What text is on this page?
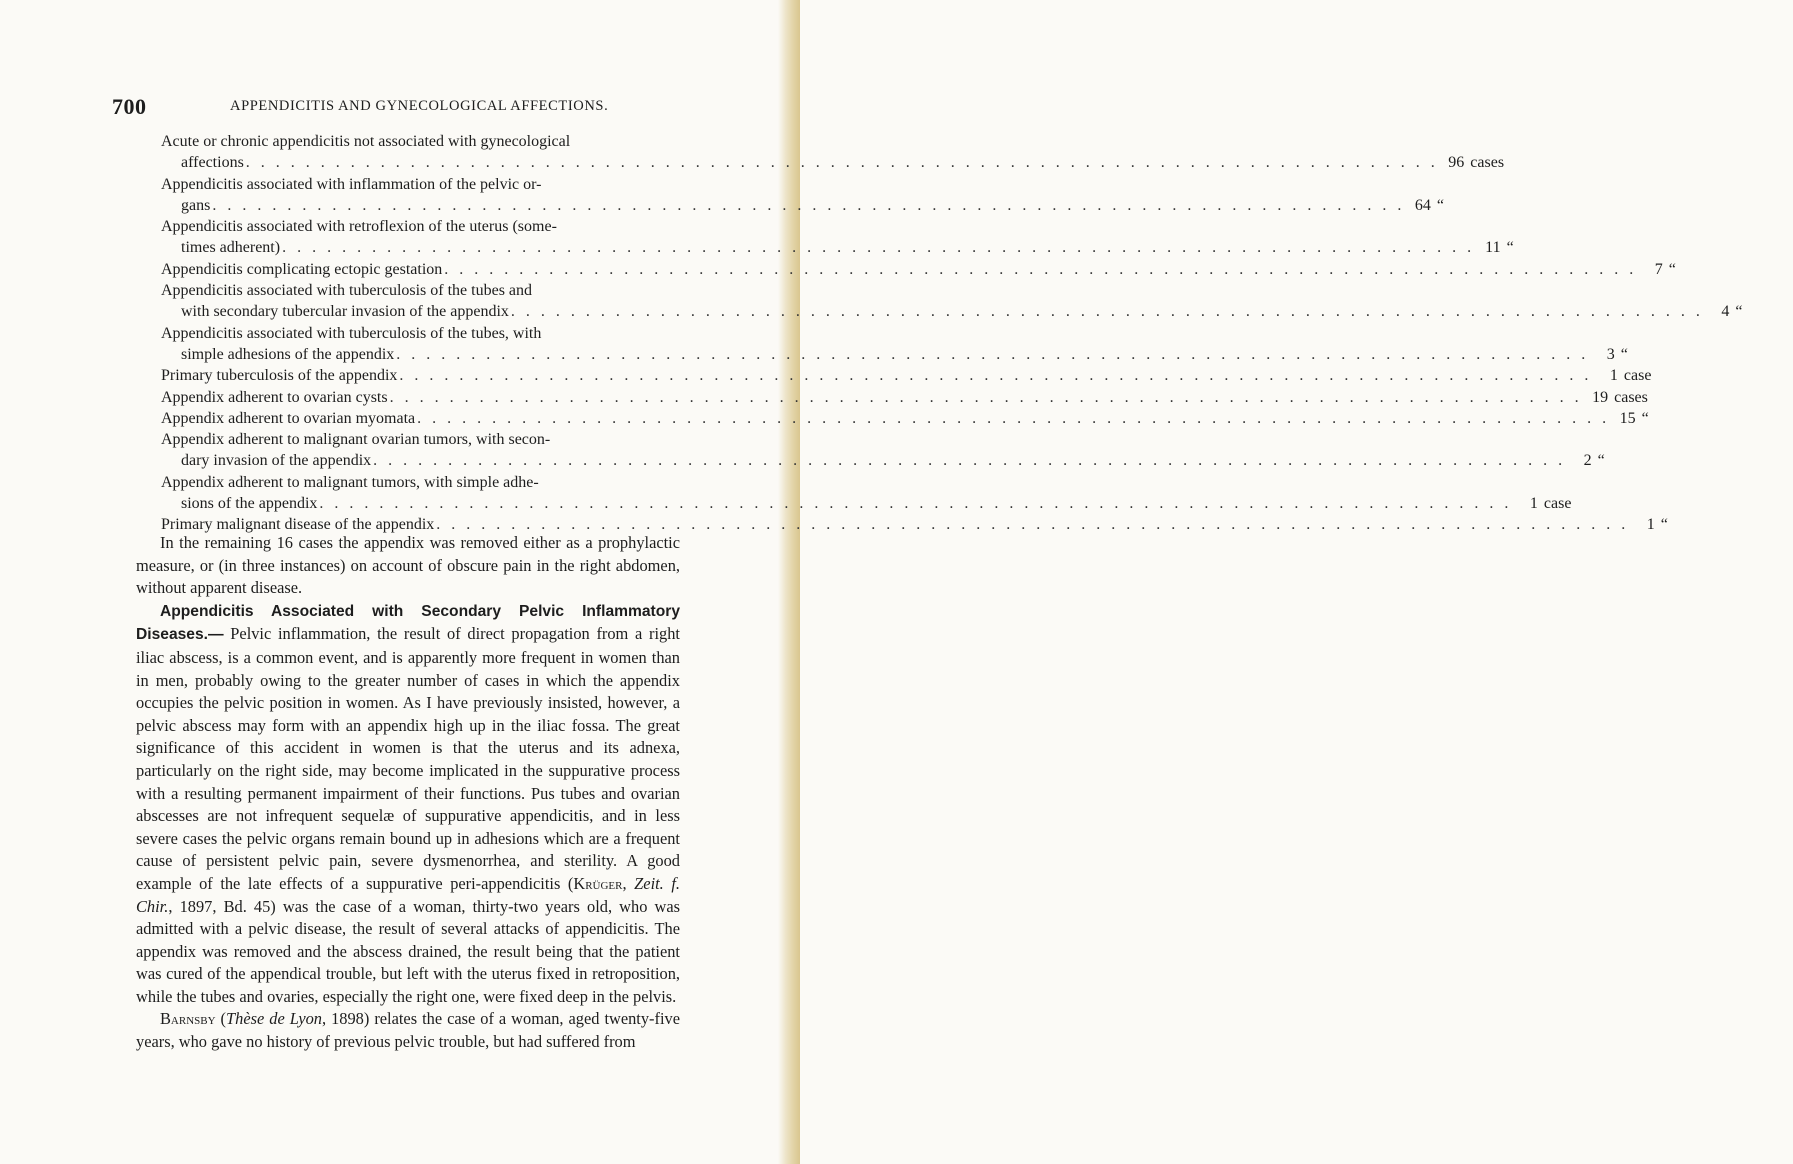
700	APPENDICITIS AND GYNECOLOGICAL AFFECTIONS.
Acute or chronic appendicitis not associated with gynecological
affections . . . . . . . . . . . . . . . . . . . . . . . . . . . . . . . . . . . . . . . . . . . . . . . . . . . . . . . . . . . . . . . . . . . . . . . . . . . . . . . . 96 cases
Appendicitis associated with inflammation of the pelvic or-
gans . . . . . . . . . . . . . . . . . . . . . . . . . . . . . . . . . . . . . . . . . . . . . . . . . . . . . . . . . . . . . . . . . . . . . . . . . . . . . . . . 64 “
Appendicitis associated with retroflexion of the uterus (some-
times adherent) . . . . . . . . . . . . . . . . . . . . . . . . . . . . . . . . . . . . . . . . . . . . . . . . . . . . . . . . . . . . . . . . . . . . . . . . . . . . . . . . 11 “
Appendicitis complicating ectopic gestation . . . . . . . . . . . . . . . . . . . . . . . . . . . . . . . . . . . . . . . . . . . . . . . . . . . . . . . . . . . . . . . . . . . . . . . . . . . . . . . .	7 “
Appendicitis associated with tuberculosis of the tubes and
with secondary tubercular invasion of the appendix . . . . . . . . . . . . . . . . . . . . . . . . . . . . . . . . . . . . . . . . . . . . . . . . . . . . . . . . . . . . . . . . . . . . . . . . . . . . . . . .	4 “
Appendicitis associated with tuberculosis of the tubes, with
simple adhesions of the appendix . . . . . . . . . . . . . . . . . . . . . . . . . . . . . . . . . . . . . . . . . . . . . . . . . . . . . . . . . . . . . . . . . . . . . . . . . . . . . . . .	3 “
Primary tuberculosis of the appendix . . . . . . . . . . . . . . . . . . . . . . . . . . . . . . . . . . . . . . . . . . . . . . . . . . . . . . . . . . . . . . . . . . . . . . . . . . . . . . . .	1 case
Appendix adherent to ovarian cysts . . . . . . . . . . . . . . . . . . . . . . . . . . . . . . . . . . . . . . . . . . . . . . . . . . . . . . . . . . . . . . . . . . . . . . . . . . . . . . . . 19 cases
Appendix adherent to ovarian myomata . . . . . . . . . . . . . . . . . . . . . . . . . . . . . . . . . . . . . . . . . . . . . . . . . . . . . . . . . . . . . . . . . . . . . . . . . . . . . . . . 15 “
Appendix adherent to malignant ovarian tumors, with secon-
dary invasion of the appendix . . . . . . . . . . . . . . . . . . . . . . . . . . . . . . . . . . . . . . . . . . . . . . . . . . . . . . . . . . . . . . . . . . . . . . . . . . . . . . . .	2 “
Appendix adherent to malignant tumors, with simple adhe-
sions of the appendix . . . . . . . . . . . . . . . . . . . . . . . . . . . . . . . . . . . . . . . . . . . . . . . . . . . . . . . . . . . . . . . . . . . . . . . . . . . . . . . .	1 case
Primary malignant disease of the appendix . . . . . . . . . . . . . . . . . . . . . . . . . . . . . . . . . . . . . . . . . . . . . . . . . . . . . . . . . . . . . . . . . . . . . . . . . . . . . . . .	1 “

In the remaining 16 cases the appendix was removed either as a prophylactic measure, or (in three instances) on account of obscure pain in the right abdomen, without apparent disease.

Appendicitis Associated with Secondary Pelvic Inflammatory Diseases.— Pelvic inflammation, the result of direct propagation from a right iliac abscess, is a common event, and is apparently more frequent in women than in men, probably owing to the greater number of cases in which the appendix occupies the pelvic position in women. As I have previously insisted, however, a pelvic abscess may form with an appendix high up in the iliac fossa. The great significance of this accident in women is that the uterus and its adnexa, particularly on the right side, may become implicated in the suppurative process with a resulting permanent impairment of their functions. Pus tubes and ovarian abscesses are not infrequent sequelæ of suppurative appendicitis, and in less severe cases the pelvic organs remain bound up in adhesions which are a frequent cause of persistent pelvic pain, severe dysmenorrhea, and sterility. A good example of the late effects of a suppurative peri-appendicitis (Krüger, Zeit. f. Chir., 1897, Bd. 45) was the case of a woman, thirty-two years old, who was admitted with a pelvic disease, the result of several attacks of appendicitis. The appendix was removed and the abscess drained, the result being that the patient was cured of the appendical trouble, but left with the uterus fixed in retroposition, while the tubes and ovaries, especially the right one, were fixed deep in the pelvis.

Barnsby (Thèse de Lyon, 1898) relates the case of a woman, aged twenty-five years, who gave no history of previous pelvic trouble, but had suffered from
